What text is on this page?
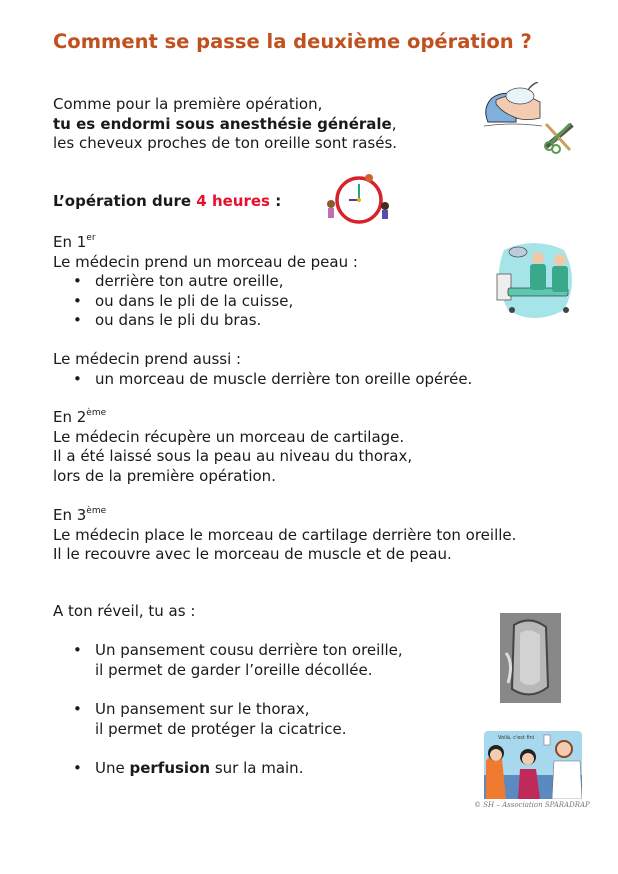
Comment se passe la deuxième opération ?
Comme pour la première opération,
tu es endormi sous anesthésie générale,
les cheveux proches de ton oreille sont rasés.
L’opération dure 4 heures :
En 1er
Le médecin prend un morceau de peau :
• derrière ton autre oreille,
• ou dans le pli de la cuisse,
• ou dans le pli du bras.
Le médecin prend aussi :
• un morceau de muscle derrière ton oreille opérée.
En 2ème
Le médecin récupère un morceau de cartilage.
Il a été laissé sous la peau au niveau du thorax,
lors de la première opération.
En 3ème
Le médecin place le morceau de cartilage derrière ton oreille.
Il le recouvre avec le morceau de muscle et de peau.
A ton réveil, tu as :
• Un pansement cousu derrière ton oreille,
il permet de garder l’oreille décollée.
• Un pansement sur le thorax,
il permet de protéger la cicatrice.
• Une perfusion sur la main.
Voilà, c'est fini
© SH – Association SPARADRAP
